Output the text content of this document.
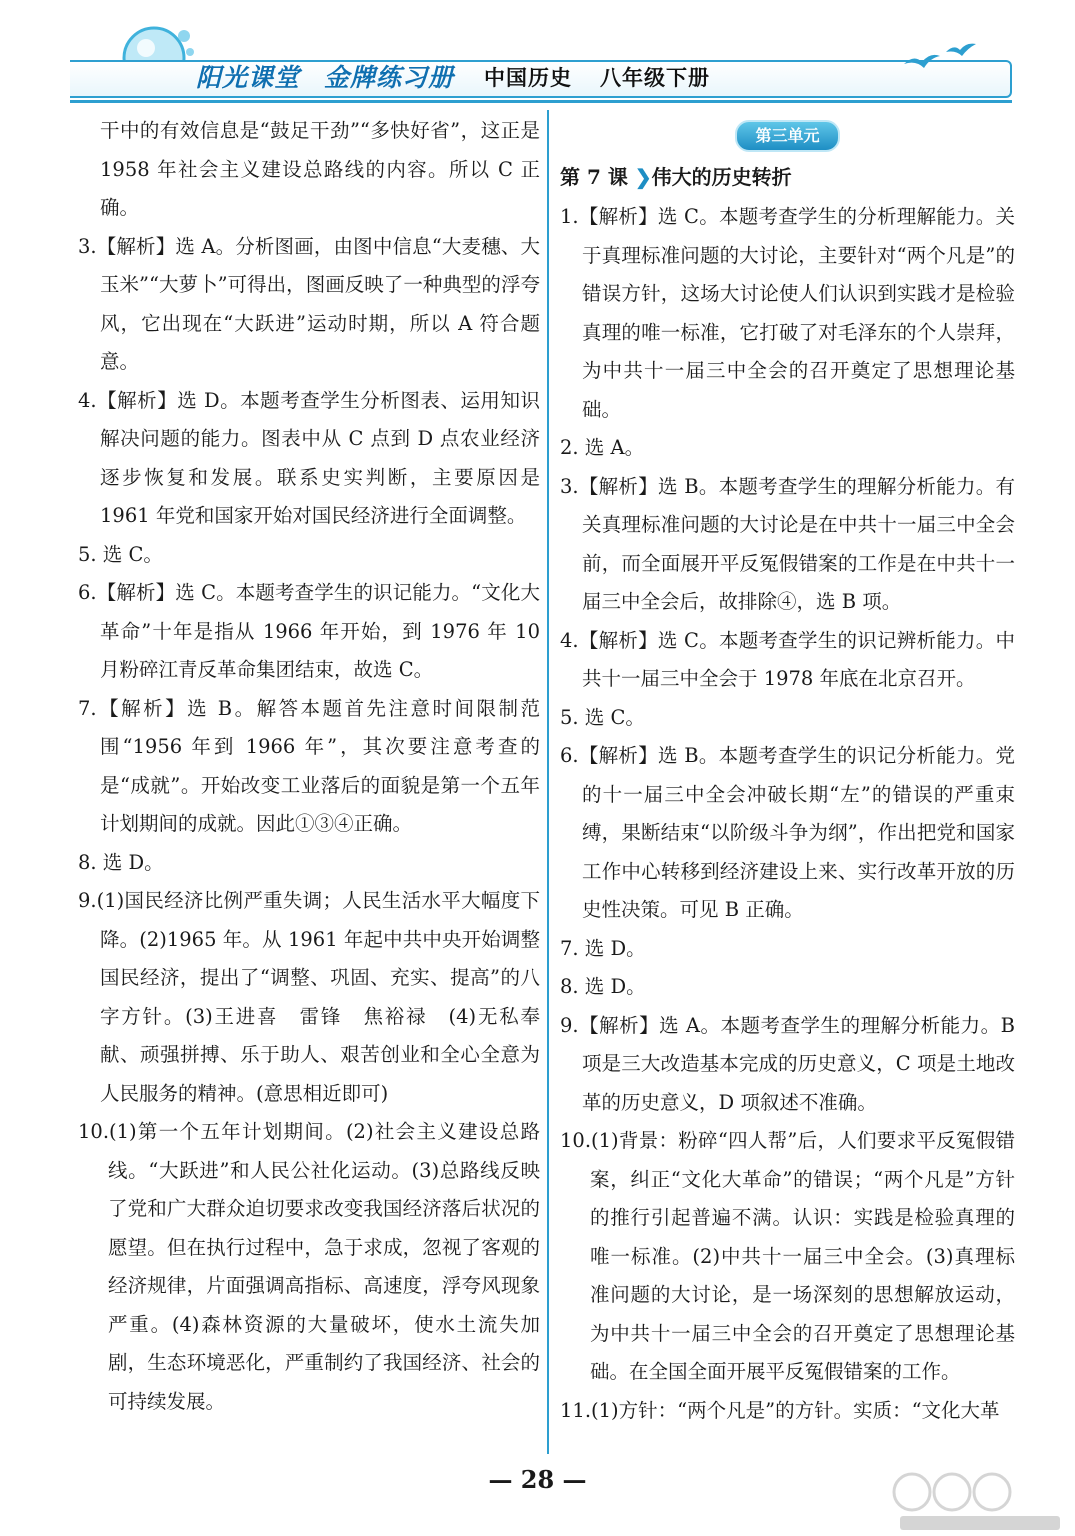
阳光课堂 金牌练习册 中国历史 八年级下册

干中的有效信息是“鼓足干劲”“多快好省”，这正是 1958 年社会主义建设总路线的内容。所以 C 正确。

3.【解析】选 A。分析图画，由图中信息“大麦穗、大玉米”“大萝卜”可得出，图画反映了一种典型的浮夸风，它出现在“大跃进”运动时期，所以 A 符合题意。

4.【解析】选 D。本题考查学生分析图表、运用知识解决问题的能力。图表中从 C 点到 D 点农业经济逐步恢复和发展。联系史实判断，主要原因是 1961 年党和国家开始对国民经济进行全面调整。

5. 选 C。

6.【解析】选 C。本题考查学生的识记能力。“文化大革命”十年是指从 1966 年开始，到 1976 年 10 月粉碎江青反革命集团结束，故选 C。

7.【解析】选 B。解答本题首先注意时间限制范围“1956 年到 1966 年”，其次要注意考查的是“成就”。开始改变工业落后的面貌是第一个五年计划期间的成就。因此①③④正确。

8. 选 D。

9.(1)国民经济比例严重失调；人民生活水平大幅度下降。(2)1965 年。从 1961 年起中共中央开始调整国民经济，提出了“调整、巩固、充实、提高”的八字方针。(3)王进喜　雷锋　焦裕禄　(4)无私奉献、顽强拼搏、乐于助人、艰苦创业和全心全意为人民服务的精神。(意思相近即可)

10.(1)第一个五年计划期间。(2)社会主义建设总路线。“大跃进”和人民公社化运动。(3)总路线反映了党和广大群众迫切要求改变我国经济落后状况的愿望。但在执行过程中，急于求成，忽视了客观的经济规律，片面强调高指标、高速度，浮夸风现象严重。(4)森林资源的大量破坏，使水土流失加剧，生态环境恶化，严重制约了我国经济、社会的可持续发展。

第三单元
第 7 课 ❯伟大的历史转折

1.【解析】选 C。本题考查学生的分析理解能力。关于真理标准问题的大讨论，主要针对“两个凡是”的错误方针，这场大讨论使人们认识到实践才是检验真理的唯一标准，它打破了对毛泽东的个人崇拜，为中共十一届三中全会的召开奠定了思想理论基础。

2. 选 A。

3.【解析】选 B。本题考查学生的理解分析能力。有关真理标准问题的大讨论是在中共十一届三中全会前，而全面展开平反冤假错案的工作是在中共十一届三中全会后，故排除④，选 B 项。

4.【解析】选 C。本题考查学生的识记辨析能力。中共十一届三中全会于 1978 年底在北京召开。

5. 选 C。

6.【解析】选 B。本题考查学生的识记分析能力。党的十一届三中全会冲破长期“左”的错误的严重束缚，果断结束“以阶级斗争为纲”，作出把党和国家工作中心转移到经济建设上来、实行改革开放的历史性决策。可见 B 正确。

7. 选 D。

8. 选 D。

9.【解析】选 A。本题考查学生的理解分析能力。B 项是三大改造基本完成的历史意义，C 项是土地改革的历史意义，D 项叙述不准确。

10.(1)背景：粉碎“四人帮”后，人们要求平反冤假错案，纠正“文化大革命”的错误；“两个凡是”方针的推行引起普遍不满。认识：实践是检验真理的唯一标准。(2)中共十一届三中全会。(3)真理标准问题的大讨论，是一场深刻的思想解放运动，为中共十一届三中全会的召开奠定了思想理论基础。在全国全面开展平反冤假错案的工作。

11.(1)方针：“两个凡是”的方针。实质：“文化大革

— 28 —
